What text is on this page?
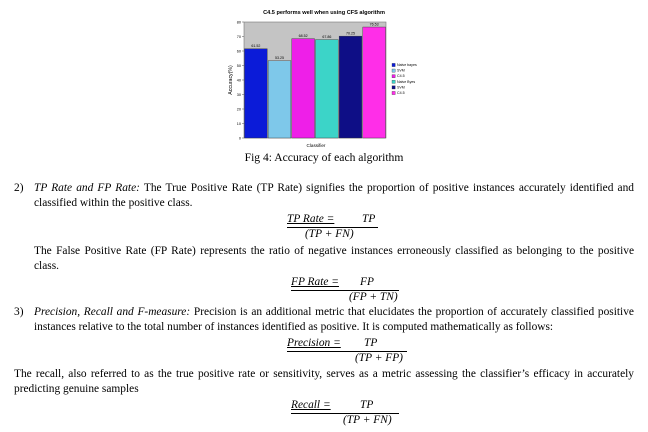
C4.5 performs well when using CFS algorithm
0
10
20
30
40
50
60
70
80
61.52
53.25
68.52	67.86
70.25
76.53
Accuracy(%)
Classifier
Naive bayes
SVM
C4.5
Naive Byes
SVM
C4.5
Fig 4: Accuracy of each algorithm
2) TP Rate and FP Rate: The True Positive Rate (TP Rate) signifies the proportion of positive instances accurately identified and classified within the positive class.
TP Rate = TP
(TP + FN)
The False Positive Rate (FP Rate) represents the ratio of negative instances erroneously classified as belonging to the positive class.
FP Rate = FP
(FP + TN)
3) Precision, Recall and F-measure: Precision is an additional metric that elucidates the proportion of accurately classified positive instances relative to the total number of instances identified as positive. It is computed mathematically as follows:
Precision = TP
(TP + FP)
The recall, also referred to as the true positive rate or sensitivity, serves as a metric assessing the classifier’s efficacy in accurately predicting genuine samples
Recall =	TP
(TP + FN)
